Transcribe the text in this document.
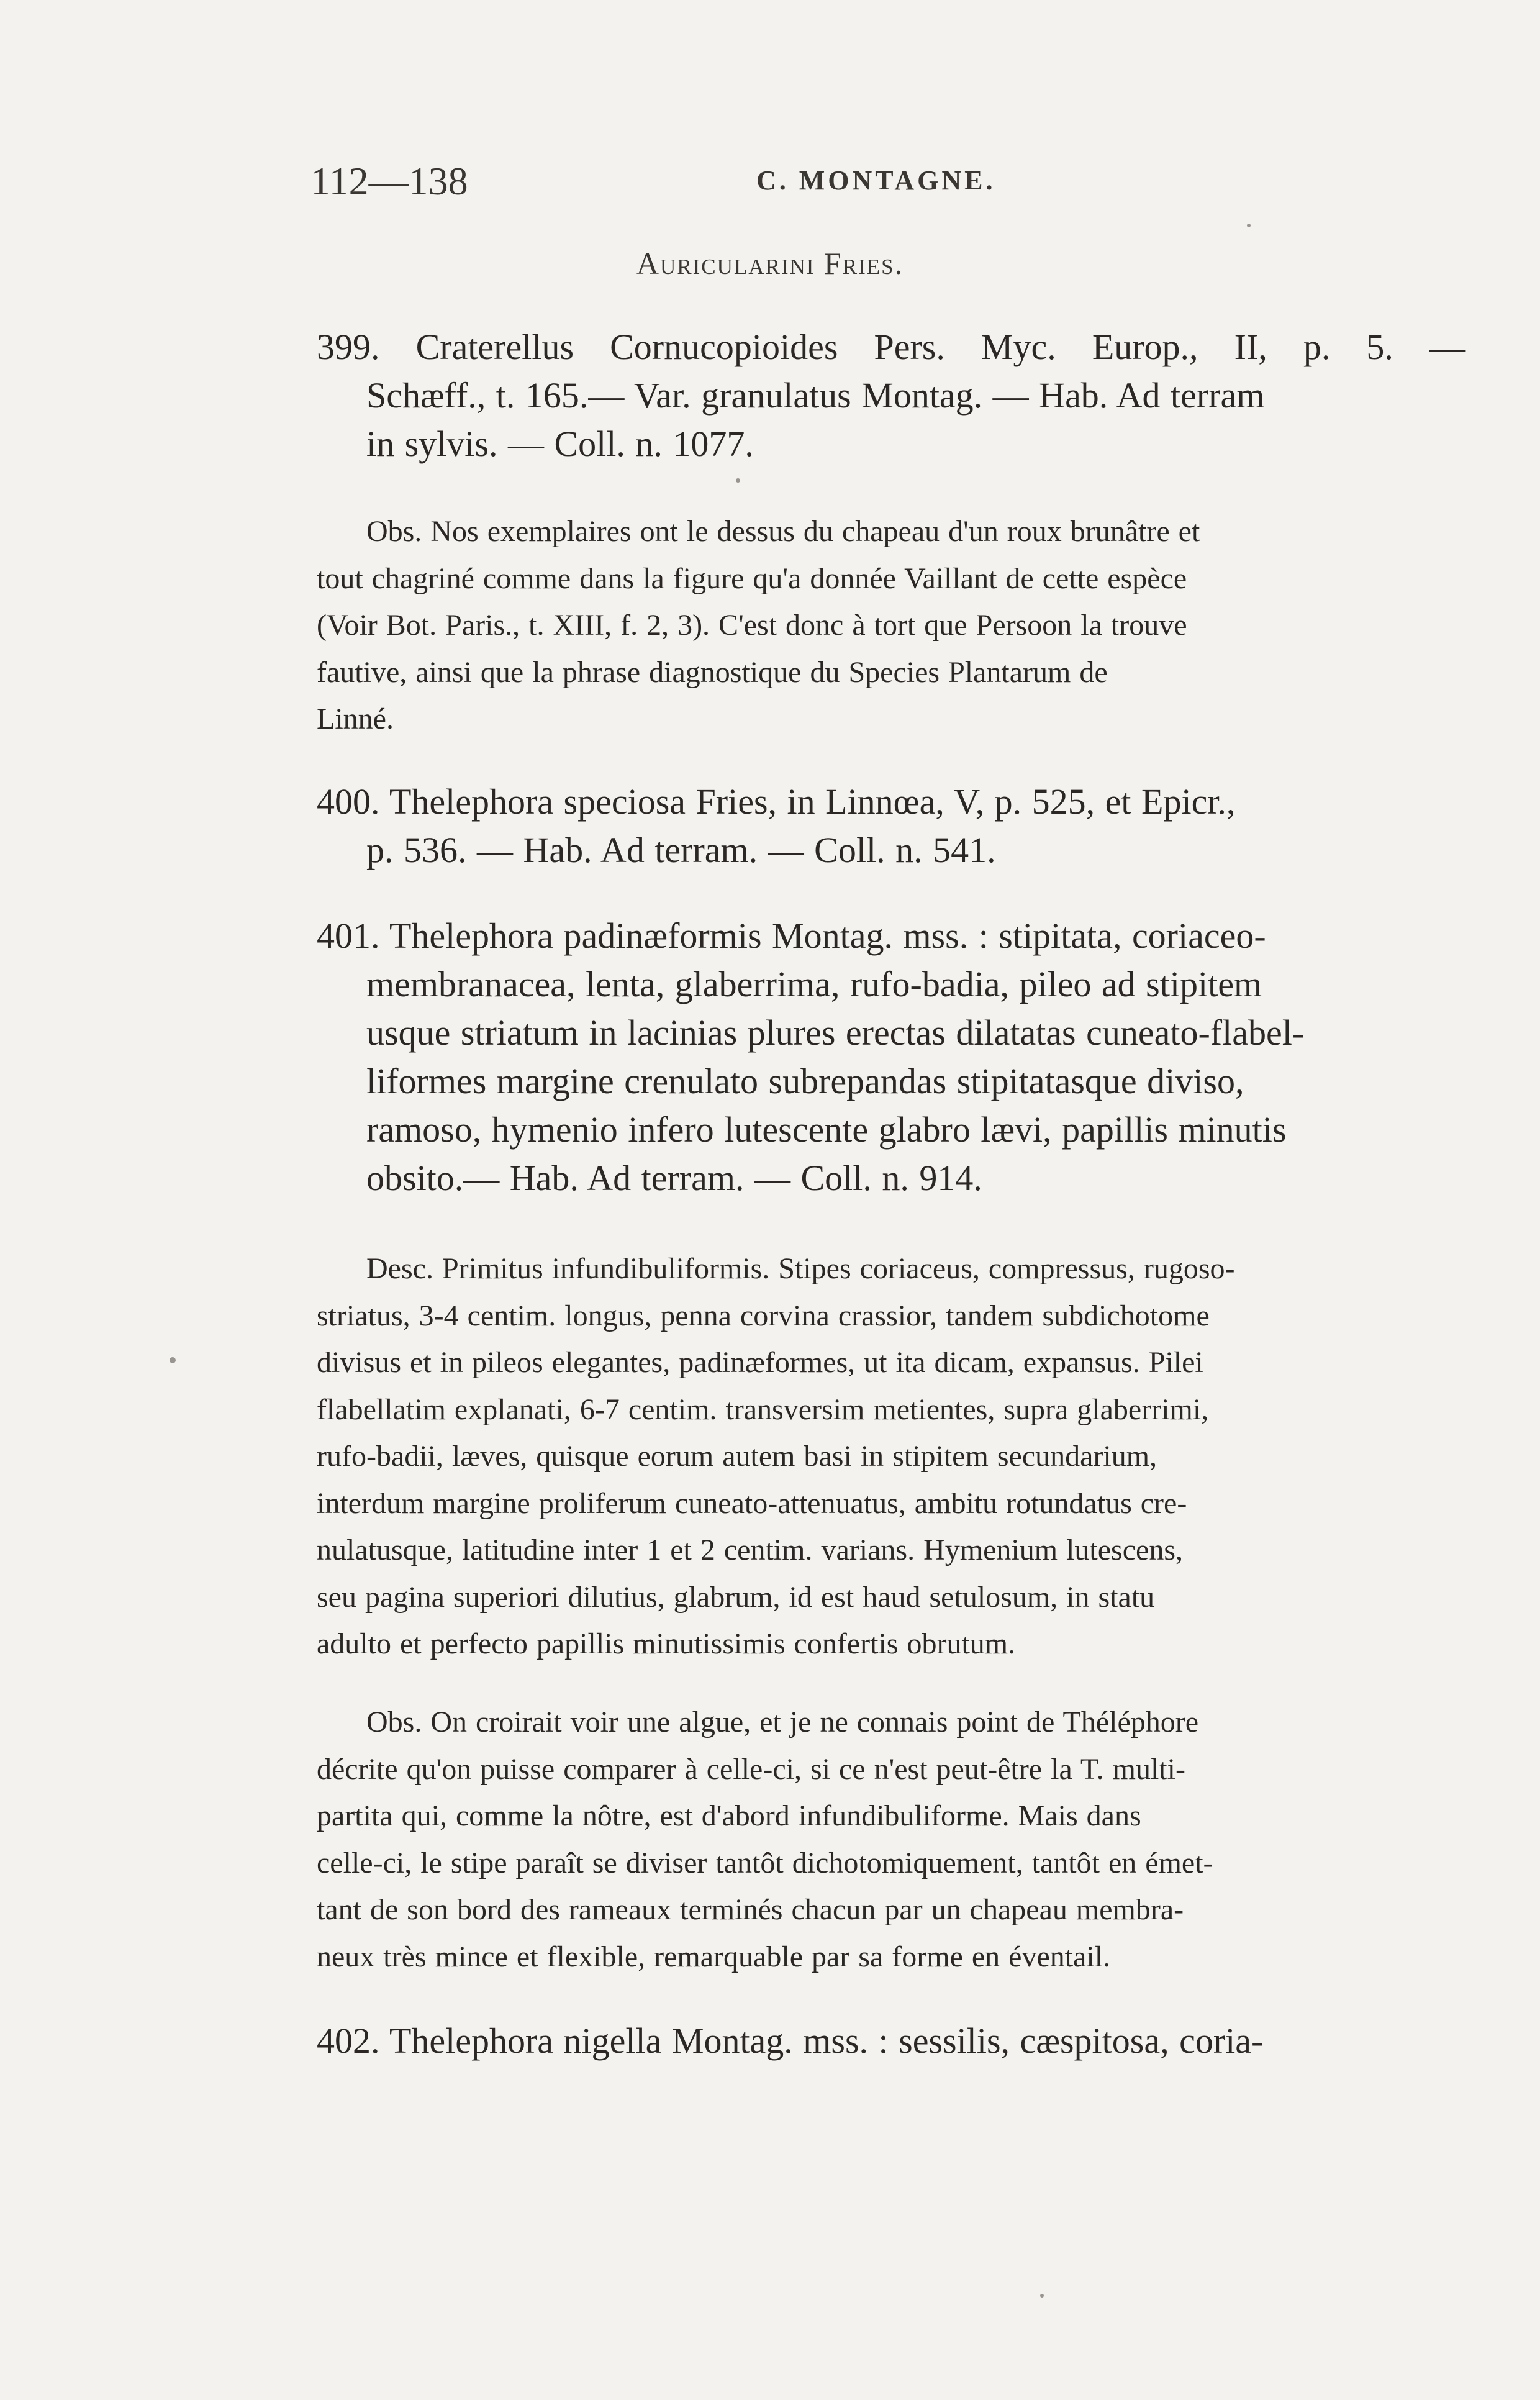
112—138	C. MONTAGNE.
Auricularini Fries.
399. Craterellus Cornucopioides Pers. Myc. Europ., II, p. 5. —
Schæff., t. 165.— Var. granulatus Montag. — Hab. Ad terram
in sylvis. — Coll. n. 1077.
Obs. Nos exemplaires ont le dessus du chapeau d'un roux brunâtre et
tout chagriné comme dans la figure qu'a donnée Vaillant de cette espèce
(Voir Bot. Paris., t. XIII, f. 2, 3). C'est donc à tort que Persoon la trouve
fautive, ainsi que la phrase diagnostique du Species Plantarum de
Linné.
400. Thelephora speciosa Fries, in Linnœa, V, p. 525, et Epicr.,
p. 536. — Hab. Ad terram. — Coll. n. 541.
401. Thelephora padinæformis Montag. mss. : stipitata, coriaceo-
membranacea, lenta, glaberrima, rufo-badia, pileo ad stipitem
usque striatum in lacinias plures erectas dilatatas cuneato-flabel-
liformes margine crenulato subrepandas stipitatasque diviso,
ramoso, hymenio infero lutescente glabro lævi, papillis minutis
obsito.— Hab. Ad terram. — Coll. n. 914.
Desc. Primitus infundibuliformis. Stipes coriaceus, compressus, rugoso-
striatus, 3-4 centim. longus, penna corvina crassior, tandem subdichotome
divisus et in pileos elegantes, padinæformes, ut ita dicam, expansus. Pilei
flabellatim explanati, 6-7 centim. transversim metientes, supra glaberrimi,
rufo-badii, læves, quisque eorum autem basi in stipitem secundarium,
interdum margine proliferum cuneato-attenuatus, ambitu rotundatus cre-
nulatusque, latitudine inter 1 et 2 centim. varians. Hymenium lutescens,
seu pagina superiori dilutius, glabrum, id est haud setulosum, in statu
adulto et perfecto papillis minutissimis confertis obrutum.
Obs. On croirait voir une algue, et je ne connais point de Théléphore
décrite qu'on puisse comparer à celle-ci, si ce n'est peut-être la T. multi-
partita qui, comme la nôtre, est d'abord infundibuliforme. Mais dans
celle-ci, le stipe paraît se diviser tantôt dichotomiquement, tantôt en émet-
tant de son bord des rameaux terminés chacun par un chapeau membra-
neux très mince et flexible, remarquable par sa forme en éventail.
402. Thelephora nigella Montag. mss. : sessilis, cæspitosa, coria-
